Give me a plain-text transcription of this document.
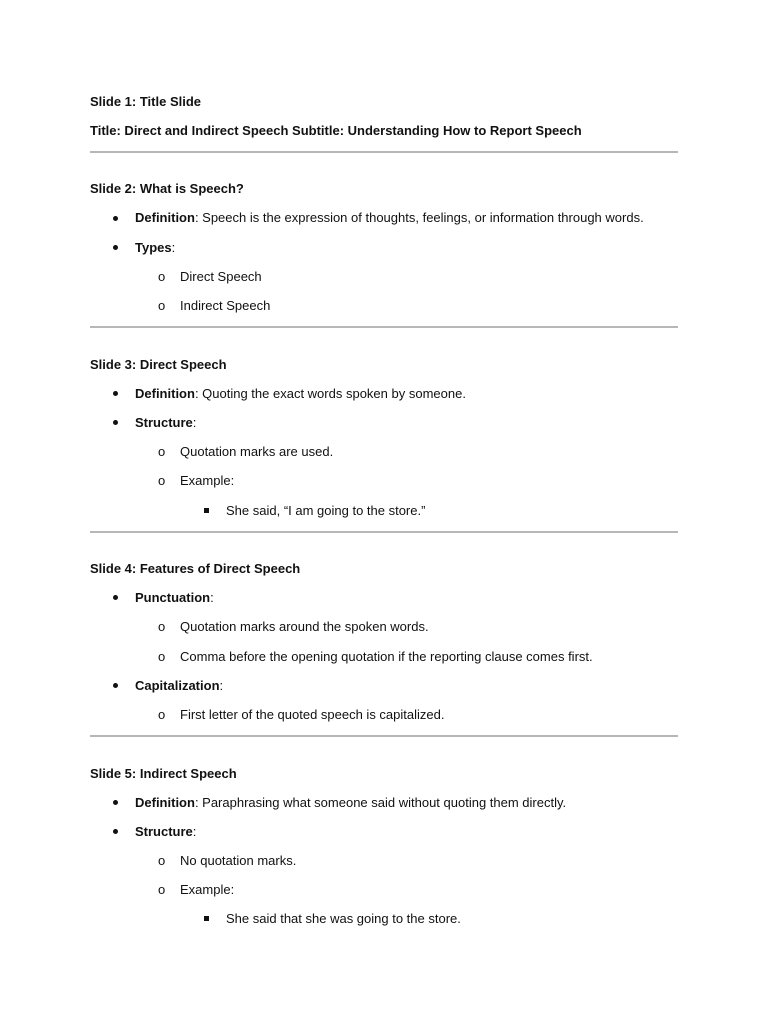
Slide 1: Title Slide
Title: Direct and Indirect Speech Subtitle: Understanding How to Report Speech
Slide 2: What is Speech?
Definition: Speech is the expression of thoughts, feelings, or information through words.
Types:
o Direct Speech
o Indirect Speech
Slide 3: Direct Speech
Definition: Quoting the exact words spoken by someone.
Structure:
o Quotation marks are used.
o Example:
She said, “I am going to the store.”
Slide 4: Features of Direct Speech
Punctuation:
o Quotation marks around the spoken words.
o Comma before the opening quotation if the reporting clause comes first.
Capitalization:
o First letter of the quoted speech is capitalized.
Slide 5: Indirect Speech
Definition: Paraphrasing what someone said without quoting them directly.
Structure:
o No quotation marks.
o Example:
She said that she was going to the store.
